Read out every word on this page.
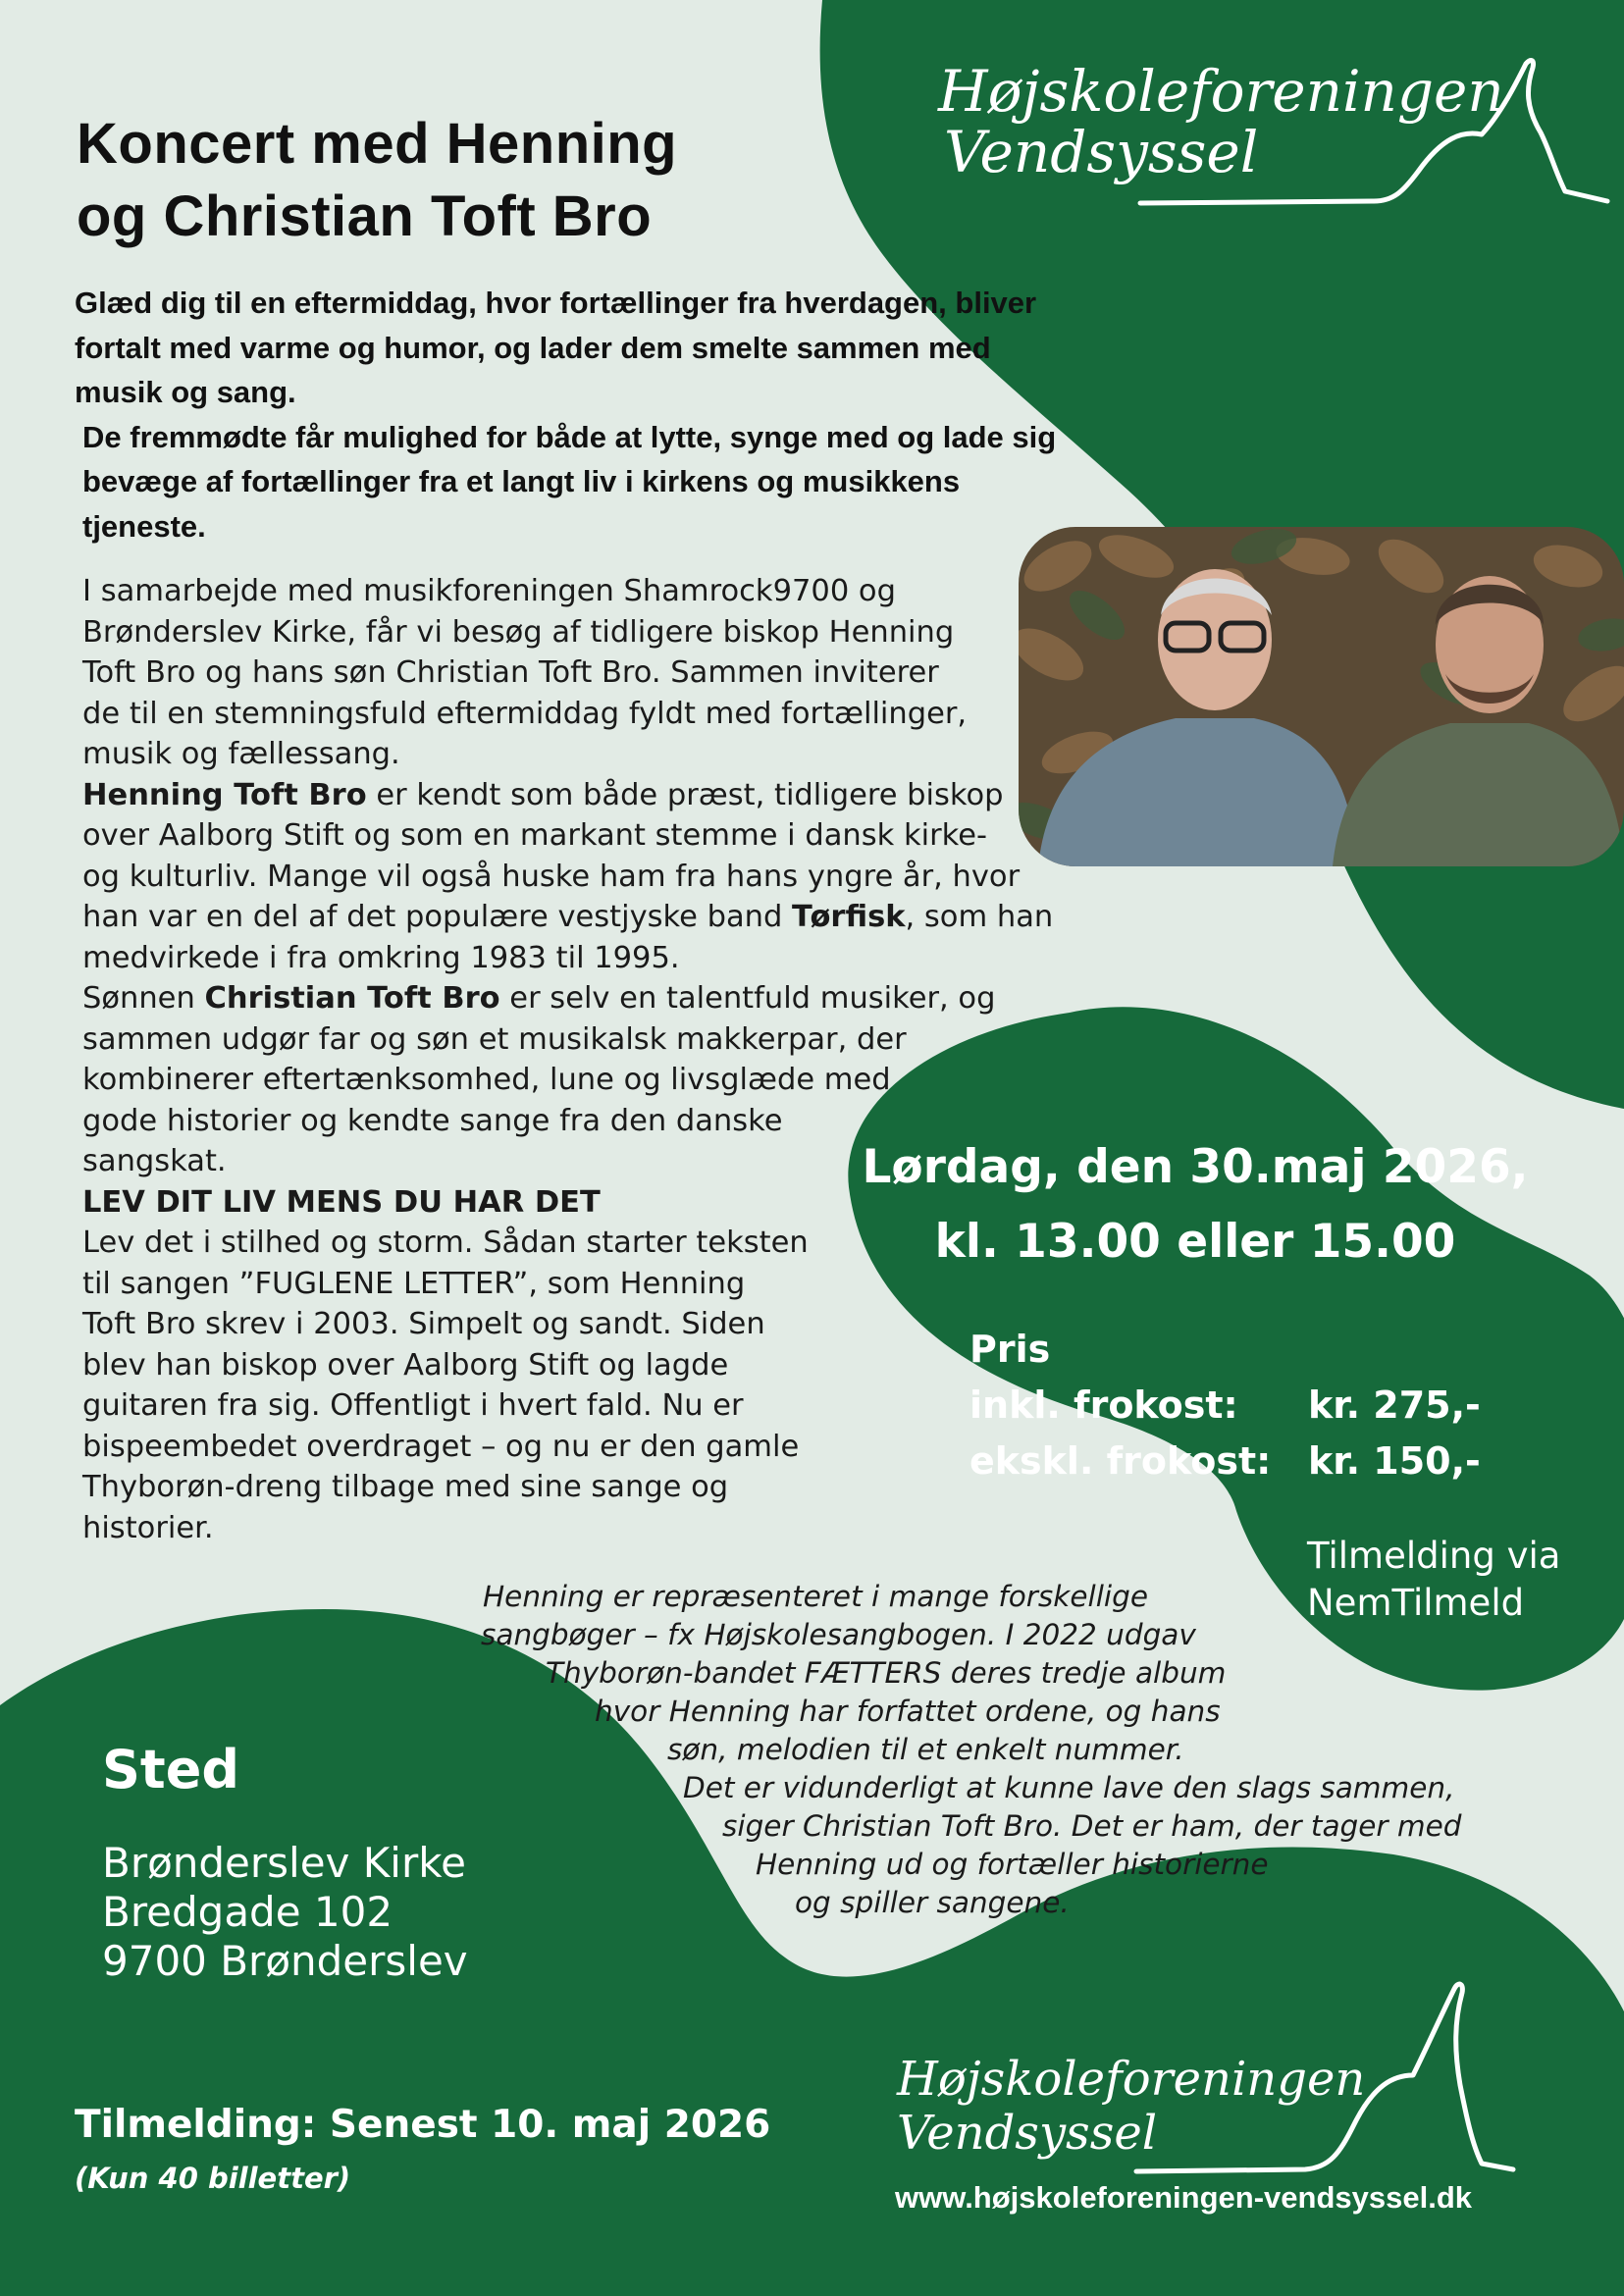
Koncert med Henning
og Christian Toft Bro

Glæd dig til en eftermiddag, hvor fortællinger fra hverdagen, bliver fortalt med varme og humor, og lader dem smelte sammen med musik og sang.

De fremmødte får mulighed for både at lytte, synge med og lade sig bevæge af fortællinger fra et langt liv i kirkens og musikkens tjeneste.

I samarbejde med musikforeningen Shamrock9700 og

Brønderslev Kirke, får vi besøg af tidligere biskop Henning

Toft Bro og hans søn Christian Toft Bro. Sammen inviterer

de til en stemningsfuld eftermiddag fyldt med fortællinger,

musik og fællessang.

Henning Toft Bro er kendt som både præst, tidligere biskop

over Aalborg Stift og som en markant stemme i dansk kirke-

og kulturliv. Mange vil også huske ham fra hans yngre år, hvor

han var en del af det populære vestjyske band Tørfisk, som han

medvirkede i fra omkring 1983 til 1995.

Sønnen Christian Toft Bro er selv en talentfuld musiker, og

sammen udgør far og søn et musikalsk makkerpar, der

kombinerer eftertænksomhed, lune og livsglæde med

gode historier og kendte sange fra den danske

sangskat.

LEV DIT LIV MENS DU HAR DET

Lev det i stilhed og storm. Sådan starter teksten

til sangen ”FUGLENE LETTER”, som Henning

Toft Bro skrev i 2003. Simpelt og sandt. Siden

blev han biskop over Aalborg Stift og lagde

guitaren fra sig. Offentligt i hvert fald. Nu er

bispeembedet overdraget – og nu er den gamle

Thyborøn-dreng tilbage med sine sange og

historier.

Lørdag, den 30.maj 2026,
kl. 13.00 eller 15.00
Pris
inkl. frokost:	kr. 275,-
ekskl. frokost: kr. 150,-
Tilmelding via
NemTilmeld
Henning er repræsenteret i mange forskellige
sangbøger – fx Højskolesangbogen. I 2022 udgav
Thyborøn-bandet FÆTTERS deres tredje album
hvor Henning har forfattet ordene, og hans
søn, melodien til et enkelt nummer.
Det er vidunderligt at kunne lave den slags sammen,
siger Christian Toft Bro. Det er ham, der tager med
Henning ud og fortæller historierne
og spiller sangene.
Sted
Brønderslev Kirke
Bredgade 102
9700 Brønderslev
Tilmelding: Senest 10. maj 2026
(Kun 40 billetter)
Højskoleforeningen
Vendsyssel
Højskoleforeningen
Vendsyssel
www.højskoleforeningen-vendsyssel.dk
